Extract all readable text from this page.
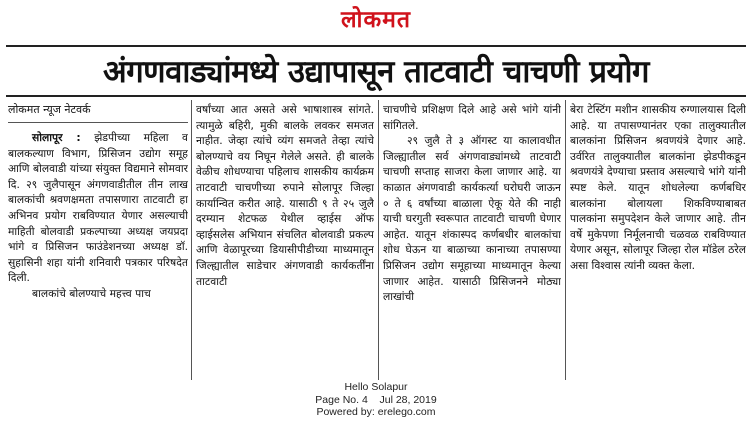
लोकमत
अंगणवाड्यांमध्ये उद्यापासून ताटवाटी चाचणी प्रयोग

लोकमत न्यूज नेटवर्क

सोलापूर : झेडपीच्या महिला व बालकल्याण विभाग, प्रिसिजन उद्योग समूह आणि बोलवाडी यांच्या संयुक्त विद्यमाने सोमवार दि. २९ जुलैपासून अंगणवाडीतील तीन लाख बालकांची श्रवणक्षमता तपासणारा ताटवाटी हा अभिनव प्रयोग राबविण्यात येणार असल्याची माहिती बोलवाडी प्रकल्पाच्या अध्यक्ष जयप्रदा भांगे व प्रिसिजन फाउंडेशनच्या अध्यक्ष डॉ. सुहासिनी शहा यांनी शनिवारी पत्रकार परिषदेत दिली.

बालकांचे बोलण्याचे महत्त्व पाच

वर्षांच्या आत असते असे भाषाशास्त्र सांगते. त्यामुळे बहिरी, मुकी बालके लवकर समजत नाहीत. जेव्हा त्यांचे व्यंग समजते तेव्हा त्यांचे बोलण्याचे वय निघून गेलेले असते. ही बालके वेळीच शोधण्याचा पहिलाच शासकीय कार्यक्रम ताटवाटी चाचणीच्या रुपाने सोलापूर जिल्हा कार्यान्वित करीत आहे. यासाठी ९ ते २५ जुलै दरम्यान शेटफळ येथील व्हाईस ऑफ व्हाईसलेस अभियान संचलित बोलवाडी प्रकल्प आणि वेळापूरच्या डियासीपीडीच्या माध्यमातून जिल्ह्यातील साडेचार अंगणवाडी कार्यकर्तींना ताटवाटी

चाचणीचे प्रशिक्षण दिले आहे असे भांगे यांनी सांगितले.

२९ जुलै ते ३ ऑगस्ट या कालावधीत जिल्ह्यातील सर्व अंगणवाड्यांमध्ये ताटवाटी चाचणी सप्ताह साजरा केला जाणार आहे. या काळात अंगणवाडी कार्यकर्त्या घरोघरी जाऊन ० ते ६ वर्षांच्या बाळाला ऐकू येते की नाही याची घरगुती स्वरूपात ताटवाटी चाचणी घेणार आहेत. यातून शंकास्पद कर्णबधीर बालकांचा शोध घेऊन या बाळाच्या कानाच्या तपासण्या प्रिसिजन उद्योग समूहाच्या माध्यमातून केल्या जाणार आहेत. यासाठी प्रिसिजनने मोठ्या लाखांची

बेरा टेस्टिंग मशीन शासकीय रुग्णालयास दिली आहे. या तपासण्यानंतर एका तालुक्यातील बालकांना प्रिसिजन श्रवणयंत्रे देणार आहे. उर्वरित तालुक्यातील बालकांना झेडपीकडून श्रवणयंत्रे देण्याचा प्रस्ताव असल्याचे भांगे यांनी स्पष्ट केले. यातून शोधलेल्या कर्णबधिर बालकांना बोलायला शिकविण्याबाबत पालकांना समुपदेशन केले जाणार आहे. तीन वर्षे मुकेपणा निर्मूलनाची चळवळ राबविण्यात येणार असून, सोलापूर जिल्हा रोल मॉडेल ठरेल असा विश्वास त्यांनी व्यक्त केला.

Hello Solapur
Page No. 4    Jul 28, 2019
Powered by: erelego.com
